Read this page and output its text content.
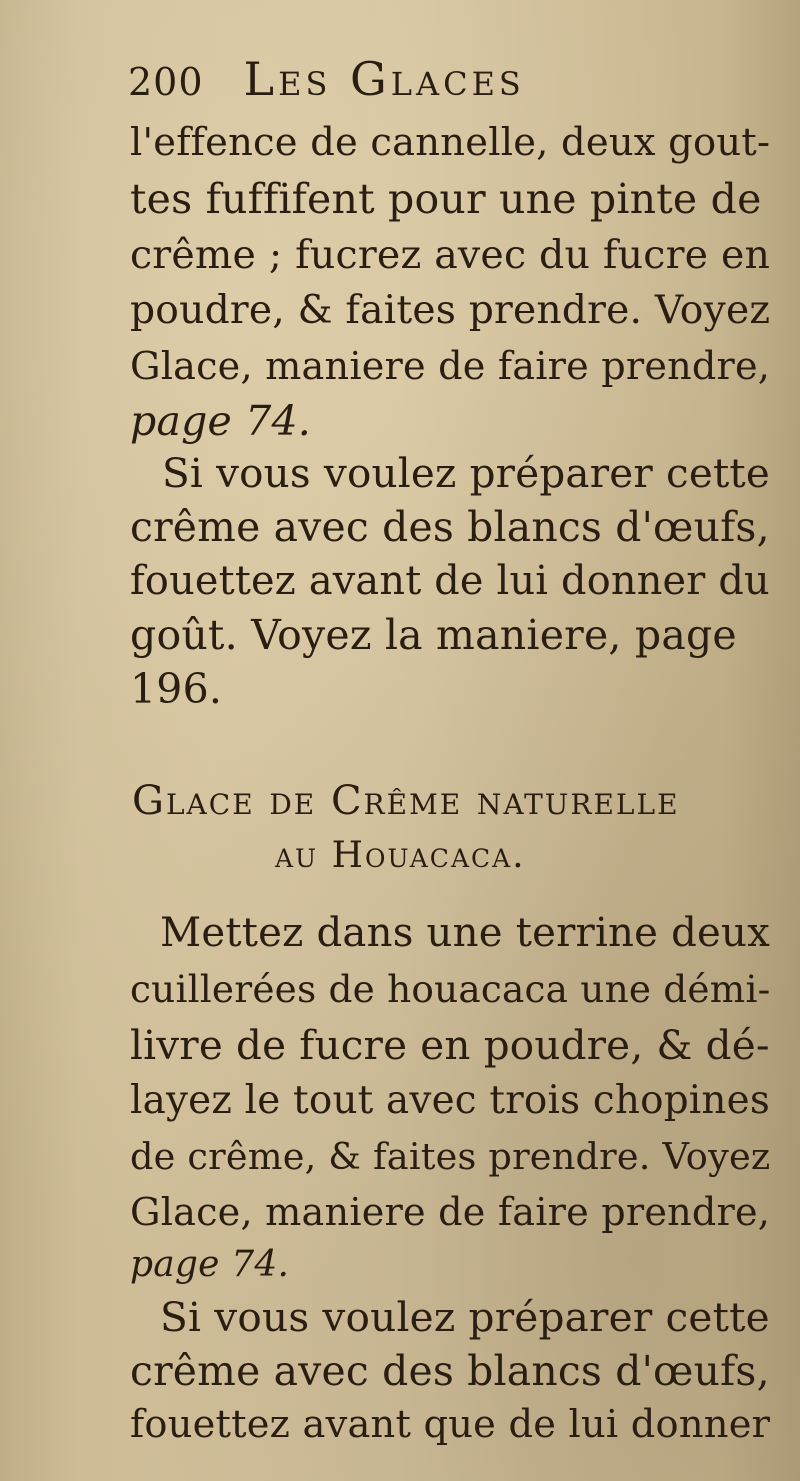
200 Les Glaces
l'effence de cannelle, deux gout-
tes fuffifent pour une pinte de
crême ; fucrez avec du fucre en
poudre, & faites prendre. Voyez
Glace, maniere de faire prendre,
page 74.
Si vous voulez préparer cette
crême avec des blancs d'œufs,
fouettez avant de lui donner du
goût. Voyez la maniere, page
196.
Glace de Crême naturelle
au Houacaca.
Mettez dans une terrine deux
cuillerées de houacaca une démi-
livre de fucre en poudre, & dé-
layez le tout avec trois chopines
de crême, & faites prendre. Voyez
Glace, maniere de faire prendre,
page 74.
Si vous voulez préparer cette
crême avec des blancs d'œufs,
fouettez avant que de lui donner
